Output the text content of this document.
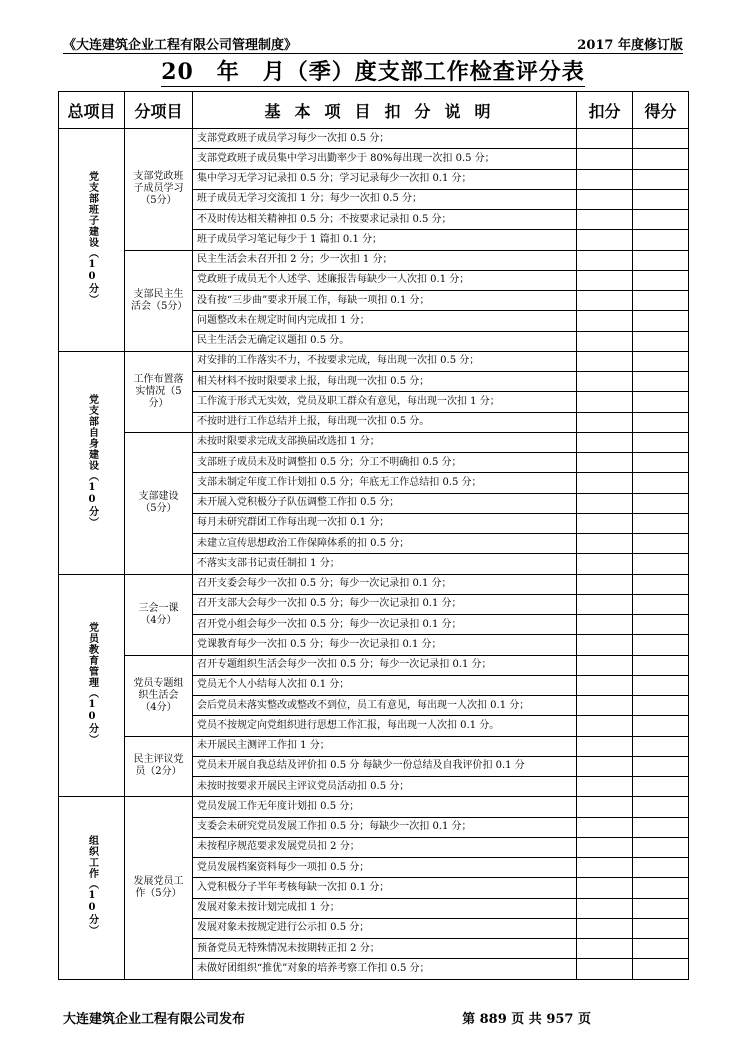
《大连建筑企业工程有限公司管理制度》	2017 年度修订版
20　年　月（季）度支部工作检查评分表
总项目	分项目	基本项目扣分说明	扣分	得分
党支部班子建设（10分）	支部党政班子成员学习（5分）	支部党政班子成员学习每少一次扣 0.5 分；		
		支部党政班子成员集中学习出勤率少于 80%每出现一次扣 0.5 分；		
		集中学习无学习记录扣 0.5 分；学习记录每少一次扣 0.1 分；		
		班子成员无学习交流扣 1 分；每少一次扣 0.5 分；		
		不及时传达相关精神扣 0.5 分；不按要求记录扣 0.5 分；		
		班子成员学习笔记每少于 1 篇扣 0.1 分；		
	支部民主生活会（5分）	民主生活会未召开扣 2 分；少一次扣 1 分；		
		党政班子成员无个人述学、述廉报告每缺少一人次扣 0.1 分；		
		没有按“三步曲”要求开展工作，每缺一项扣 0.1 分；		
		问题整改未在规定时间内完成扣 1 分；		
		民主生活会无确定议题扣 0.5 分。		
党支部自身建设（10分）	工作布置落实情况（5分）	对安排的工作落实不力，不按要求完成，每出现一次扣 0.5 分；		
		相关材料不按时限要求上报，每出现一次扣 0.5 分；		
		工作流于形式无实效，党员及职工群众有意见，每出现一次扣 1 分；		
		不按时进行工作总结并上报，每出现一次扣 0.5 分。		
	支部建设（5分）	未按时限要求完成支部换届改选扣 1 分；		
		支部班子成员未及时调整扣 0.5 分；分工不明确扣 0.5 分；		
		支部未制定年度工作计划扣 0.5 分；年底无工作总结扣 0.5 分；		
		未开展入党积极分子队伍调整工作扣 0.5 分；		
		每月未研究群团工作每出现一次扣 0.1 分；		
		未建立宣传思想政治工作保障体系的扣 0.5 分；		
		不落实支部书记责任制扣 1 分；		
党员教育管理（10分）	三会一课（4分）	召开支委会每少一次扣 0.5 分；每少一次记录扣 0.1 分；		
		召开支部大会每少一次扣 0.5 分；每少一次记录扣 0.1 分；		
		召开党小组会每少一次扣 0.5 分；每少一次记录扣 0.1 分；		
		党课教育每少一次扣 0.5 分；每少一次记录扣 0.1 分；		
	党员专题组织生活会（4分）	召开专题组织生活会每少一次扣 0.5 分；每少一次记录扣 0.1 分；		
		党员无个人小结每人次扣 0.1 分；		
		会后党员未落实整改或整改不到位，员工有意见，每出现一人次扣 0.1 分；		
		党员不按规定向党组织进行思想工作汇报，每出现一人次扣 0.1 分。		
	民主评议党员（2分）	未开展民主测评工作扣 1 分；		
		党员未开展自我总结及评价扣 0.5 分 每缺少一份总结及自我评价扣 0.1 分		
		未按时按要求开展民主评议党员活动扣 0.5 分；		
组织工作（10分）	发展党员工作（5分）	党员发展工作无年度计划扣 0.5 分；		
		支委会未研究党员发展工作扣 0.5 分；每缺少一次扣 0.1 分；		
		未按程序规范要求发展党员扣 2 分；		
		党员发展档案资料每少一项扣 0.5 分；		
		入党积极分子半年考核每缺一次扣 0.1 分；		
		发展对象未按计划完成扣 1 分；		
		发展对象未按规定进行公示扣 0.5 分；		
		预备党员无特殊情况未按期转正扣 2 分；		
		未做好团组织“推优”对象的培养考察工作扣 0.5 分；		
大连建筑企业工程有限公司发布	第 889 页 共 957 页
